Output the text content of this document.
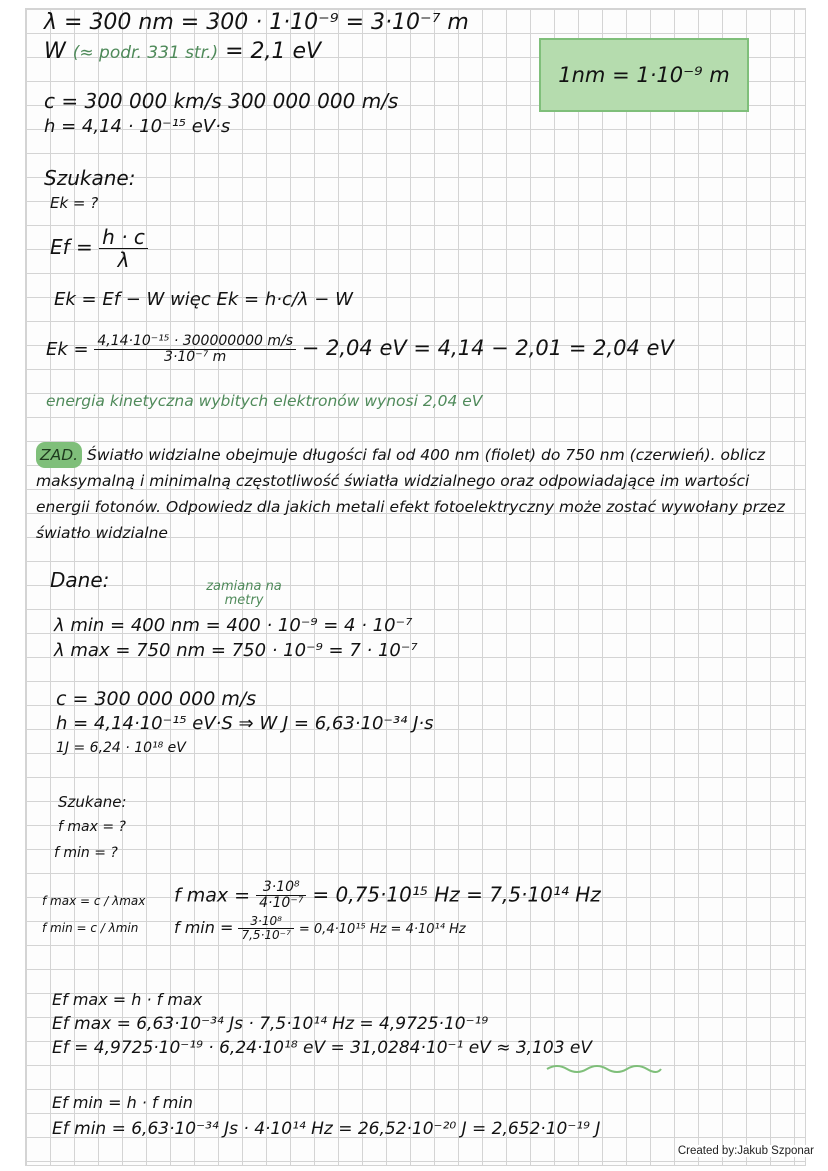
λ = 300 nm = 300 · 1·10⁻⁹ = 3·10⁻⁷ m
W (≈ podr. 331 str.) = 2,1 eV
1nm = 1·10⁻⁹ m
c = 300 000 km/s 300 000 000 m/s
h = 4,14 · 10⁻¹⁵ eV·s
Szukane:
Ek = ?
$Ef = \frac{h \cdot c}{\lambda}$
Ek = Ef − W więc Ek = h·c/λ − W
$Ek = \frac{\text{4,14·10⁻¹⁵ · 300000000 m/s}}{\text{3·10⁻⁷ m}} - 2,04$ eV = 4,14 − 2,01 = 2,04 eV
energia kinetyczna wybitych elektronów wynosi 2,04 eV
ZAD. Światło widzialne obejmuje długości fal od 400 nm (fiolet) do 750 nm (czerwień). oblicz maksymalną i minimalną częstotliwość światła widzialnego oraz odpowiadające im wartości energii fotonów. Odpowiedz dla jakich metali efekt fotoelektryczny może zostać wywołany przez światło widzialne
Dane:	zamiana na metry
λ min = 400 nm = 400 · 10⁻⁹ = 4 · 10⁻⁷
λ max = 750 nm = 750 · 10⁻⁹ = 7 · 10⁻⁷
c = 300 000 000 m/s
h = 4,14·10⁻¹⁵ eV·S ⇒ W J = 6,63·10⁻³⁴ J·s
1J = 6,24 · 10¹⁸ eV
Szukane:
f max = ?
f min = ?
f max = c / λmax
f min = c / λmin
f $\max = \frac{\text{3·10⁸}}{\text{4·10⁻⁷}} = 0,75\cdot 10^{15}$ Hz = 7,5·10¹⁴ Hz
f $\min = \frac{\text{3·10⁸}}{\text{7,5·10⁻⁷}} = 0,4\cdot 10^{15}$ Hz = 4·10¹⁴ Hz
Ef max = h · f max
Ef max = 6,63·10⁻³⁴ Js · 7,5·10¹⁴ Hz = 4,9725·10⁻¹⁹
Ef = 4,9725·10⁻¹⁹ · 6,24·10¹⁸ eV = 31,0284·10⁻¹ eV ≈ 3,103 eV
Ef min = h · f min
Ef min = 6,63·10⁻³⁴ Js · 4·10¹⁴ Hz = 26,52·10⁻²⁰ J = 2,652·10⁻¹⁹ J
Created by:Jakub Szponar
